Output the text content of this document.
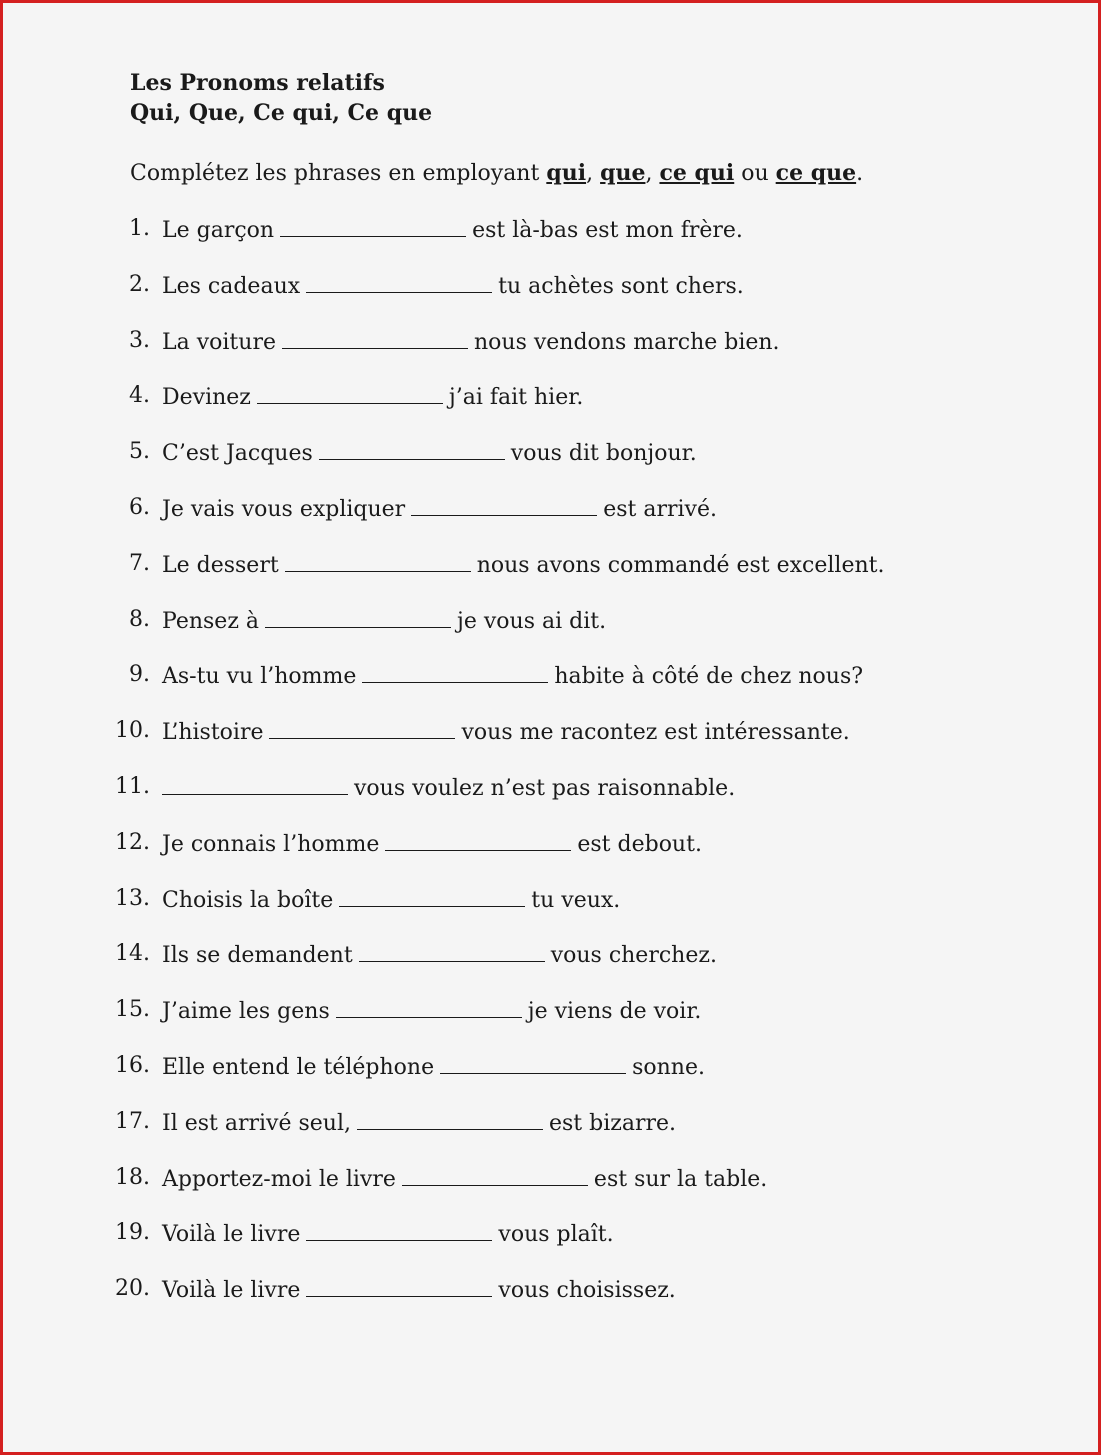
Les Pronoms relatifs
Qui, Que, Ce qui, Ce que

Complétez les phrases en employant qui, que, ce qui ou ce que.

1. Le garçon	est là-bas est mon frère.
2. Les cadeaux	tu achètes sont chers.
3. La voiture	nous vendons marche bien.
4. Devinez	j’ai fait hier.
5. C’est Jacques	vous dit bonjour.
6. Je vais vous expliquer	est arrivé.
7. Le dessert	nous avons commandé est excellent.
8. Pensez à	je vous ai dit.
9. As-tu vu l’homme	habite à côté de chez nous?
10. L’histoire	vous me racontez est intéressante.
11.	vous voulez n’est pas raisonnable.
12. Je connais l’homme	est debout.
13. Choisis la boîte	tu veux.
14. Ils se demandent	vous cherchez.
15. J’aime les gens	je viens de voir.
16. Elle entend le téléphone	sonne.
17. Il est arrivé seul,	est bizarre.
18. Apportez-moi le livre	est sur la table.
19. Voilà le livre	vous plaît.
20. Voilà le livre	vous choisissez.
